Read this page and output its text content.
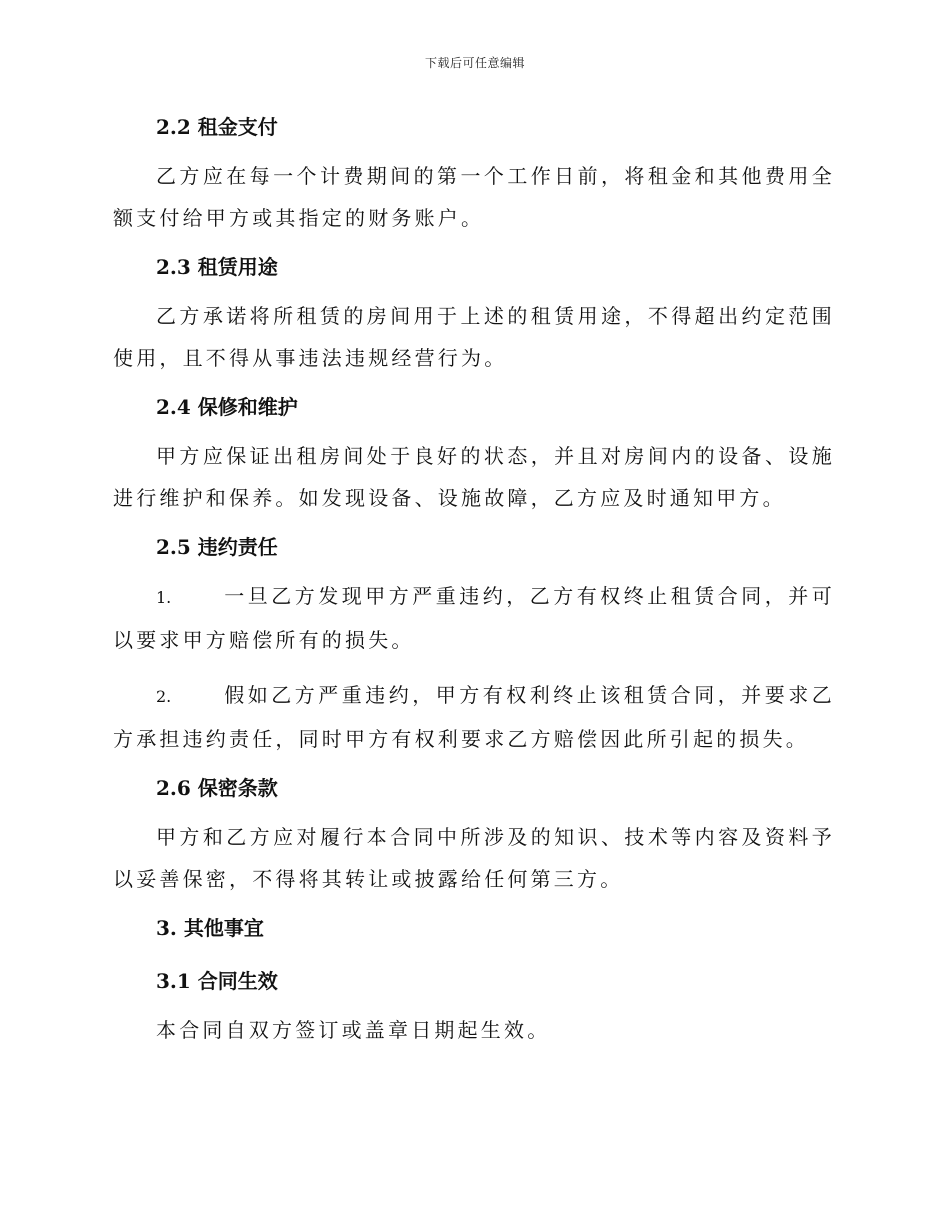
下载后可任意编辑
2.2 租金支付

乙方应在每一个计费期间的第一个工作日前，将租金和其他费用全额支付给甲方或其指定的财务账户。

2.3 租赁用途

乙方承诺将所租赁的房间用于上述的租赁用途，不得超出约定范围使用，且不得从事违法违规经营行为。

2.4 保修和维护

甲方应保证出租房间处于良好的状态，并且对房间内的设备、设施进行维护和保养。如发现设备、设施故障，乙方应及时通知甲方。

2.5 违约责任

1.	一旦乙方发现甲方严重违约，乙方有权终止租赁合同，并可以要求甲方赔偿所有的损失。

2.	假如乙方严重违约，甲方有权利终止该租赁合同，并要求乙方承担违约责任，同时甲方有权利要求乙方赔偿因此所引起的损失。

2.6 保密条款

甲方和乙方应对履行本合同中所涉及的知识、技术等内容及资料予以妥善保密，不得将其转让或披露给任何第三方。

3. 其他事宜
3.1 合同生效

本合同自双方签订或盖章日期起生效。
